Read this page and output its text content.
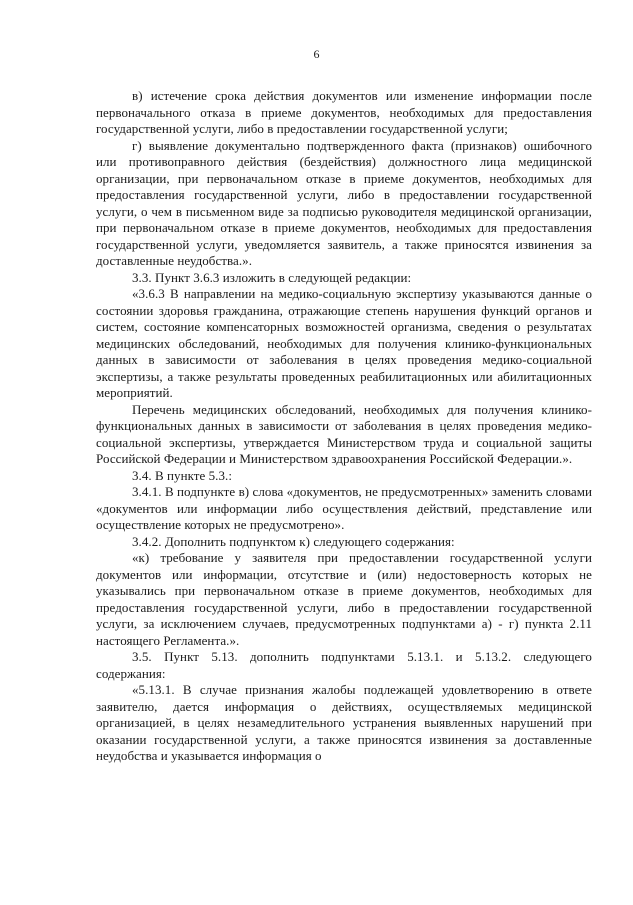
6

в) истечение срока действия документов или изменение информации после первоначального отказа в приеме документов, необходимых для предоставления государственной услуги, либо в предоставлении государственной услуги;

г) выявление документально подтвержденного факта (признаков) ошибочного или противоправного действия (бездействия) должностного лица медицинской организации, при первоначальном отказе в приеме документов, необходимых для предоставления государственной услуги, либо в предоставлении государственной услуги, о чем в письменном виде за подписью руководителя медицинской организации, при первоначальном отказе в приеме документов, необходимых для предоставления государственной услуги, уведомляется заявитель, а также приносятся извинения за доставленные неудобства.».

3.3. Пункт 3.6.3 изложить в следующей редакции:

«3.6.3 В направлении на медико-социальную экспертизу указываются данные о состоянии здоровья гражданина, отражающие степень нарушения функций органов и систем, состояние компенсаторных возможностей организма, сведения о результатах медицинских обследований, необходимых для получения клинико-функциональных данных в зависимости от заболевания в целях проведения медико-социальной экспертизы, а также результаты проведенных реабилитационных или абилитационных мероприятий.

Перечень медицинских обследований, необходимых для получения клинико-функциональных данных в зависимости от заболевания в целях проведения медико-социальной экспертизы, утверждается Министерством труда и социальной защиты Российской Федерации и Министерством здравоохранения Российской Федерации.».

3.4. В пункте 5.3.:

3.4.1. В подпункте в) слова «документов, не предусмотренных» заменить словами «документов или информации либо осуществления действий, представление или осуществление которых не предусмотрено».

3.4.2. Дополнить подпунктом к) следующего содержания:

«к) требование у заявителя при предоставлении государственной услуги документов или информации, отсутствие и (или) недостоверность которых не указывались при первоначальном отказе в приеме документов, необходимых для предоставления государственной услуги, либо в предоставлении государственной услуги, за исключением случаев, предусмотренных подпунктами а) - г) пункта 2.11 настоящего Регламента.».

3.5. Пункт 5.13. дополнить подпунктами 5.13.1. и 5.13.2. следующего содержания:

«5.13.1. В случае признания жалобы подлежащей удовлетворению в ответе заявителю, дается информация о действиях, осуществляемых медицинской организацией, в целях незамедлительного устранения выявленных нарушений при оказании государственной услуги, а также приносятся извинения за доставленные неудобства и указывается информация о
